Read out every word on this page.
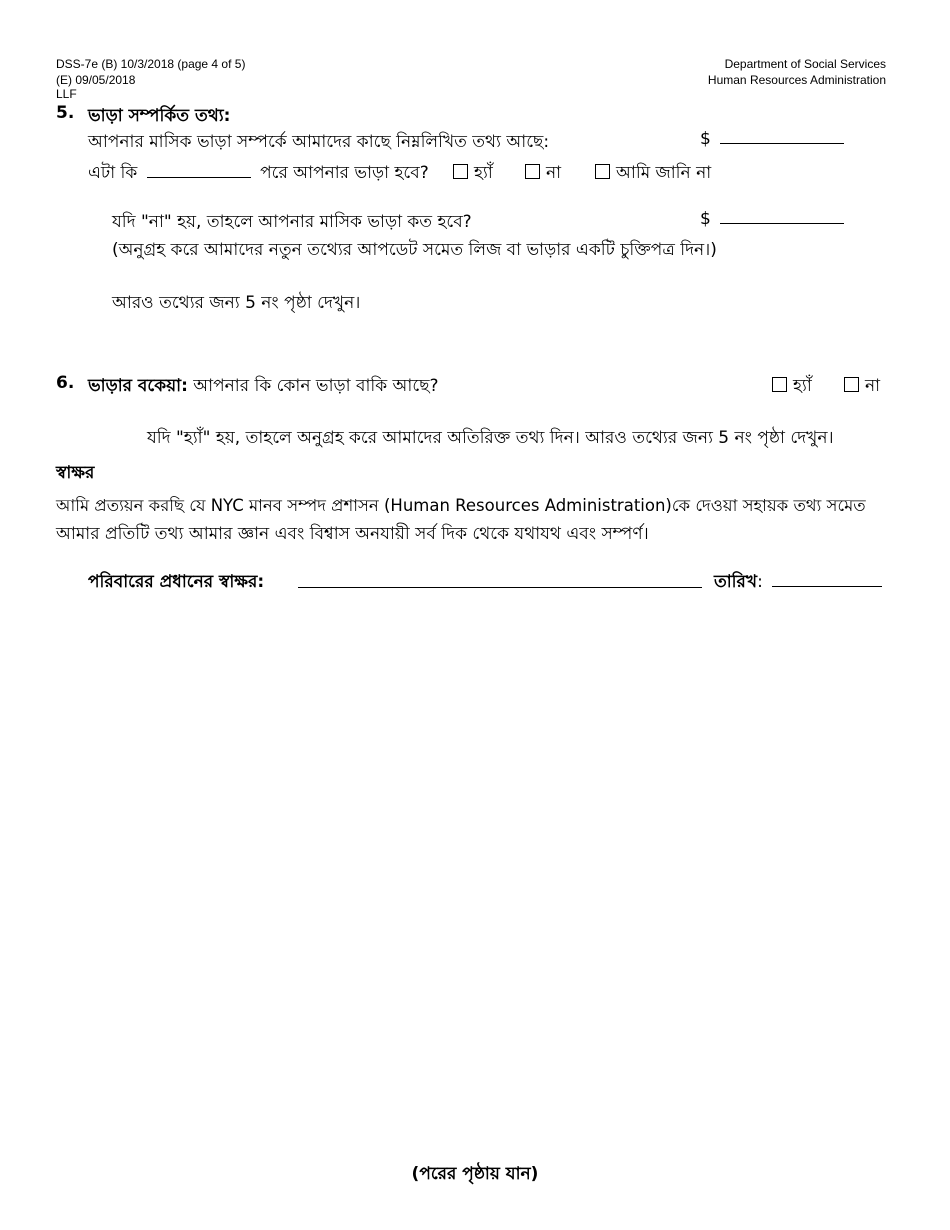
DSS-7e (B) 10/3/2018 (page 4 of 5)
(E) 09/05/2018
LLF
Department of Social Services
Human Resources Administration
5. ভাড়া সম্পর্কিত তথ্য:
আপনার মাসিক ভাড়া সম্পর্কে আমাদের কাছে নিম্নলিখিত তথ্য আছে:	$
এটা কি	পরে আপনার ভাড়া হবে?	হ্যাঁ	না	আমি জানি না
যদি "না" হয়, তাহলে আপনার মাসিক ভাড়া কত হবে?	$
(অনুগ্রহ করে আমাদের নতুন তথ্যের আপডেট সমেত লিজ বা ভাড়ার একটি চুক্তিপত্র দিন।)
আরও তথ্যের জন্য 5 নং পৃষ্ঠা দেখুন।
6. ভাড়ার বকেয়া: আপনার কি কোন ভাড়া বাকি আছে?	হ্যাঁ	না
যদি "হ্যাঁ" হয়, তাহলে অনুগ্রহ করে আমাদের অতিরিক্ত তথ্য দিন। আরও তথ্যের জন্য 5 নং পৃষ্ঠা দেখুন।
স্বাক্ষর
আমি প্রত্যয়ন করছি যে NYC মানব সম্পদ প্রশাসন (Human Resources Administration)কে দেওয়া সহায়ক তথ্য সমেত
আমার প্রতিটি তথ্য আমার জ্ঞান এবং বিশ্বাস অনযায়ী সর্ব দিক থেকে যথাযথ এবং সম্পর্ণ।
পরিবারের প্রধানের স্বাক্ষর:	তারিখ:
(পরের পৃষ্ঠায় যান)
